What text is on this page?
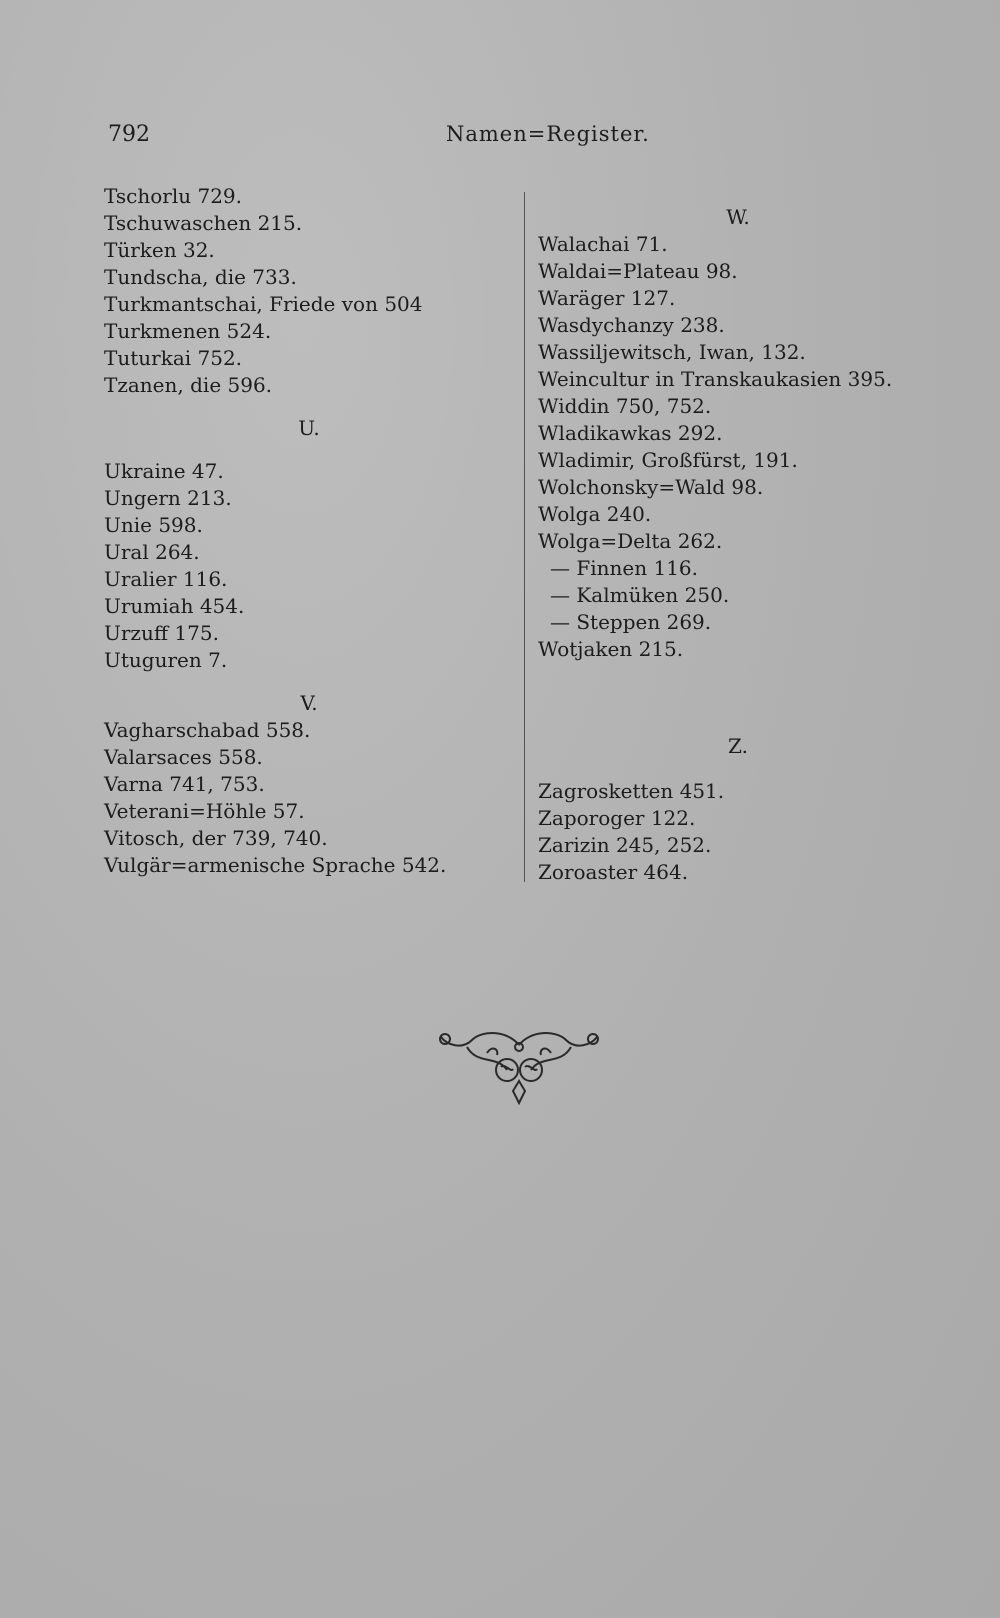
792	Namen=Register.
Tschorlu 729.
Tschuwaschen 215.
Türken 32.
Tundscha, die 733.
Turkmantschai, Friede von 504
Turkmenen 524.
Tuturkai 752.
Tzanen, die 596.
U.
Ukraine 47.
Ungern 213.
Unie 598.
Ural 264.
Uralier 116.
Urumiah 454.
Urzuff 175.
Utuguren 7.
V.
Vagharschabad 558.
Valarsaces 558.
Varna 741, 753.
Veterani=Höhle 57.
Vitosch, der 739, 740.
Vulgär=armenische Sprache 542.
W.
Walachai 71.
Waldai=Plateau 98.
Waräger 127.
Wasdychanzy 238.
Wassiljewitsch, Iwan, 132.
Weincultur in Transkaukasien 395.
Widdin 750, 752.
Wladikawkas 292.
Wladimir, Großfürst, 191.
Wolchonsky=Wald 98.
Wolga 240.
Wolga=Delta 262.
— Finnen 116.
— Kalmüken 250.
— Steppen 269.
Wotjaken 215.
Z.
Zagrosketten 451.
Zaporoger 122.
Zarizin 245, 252.
Zoroaster 464.
